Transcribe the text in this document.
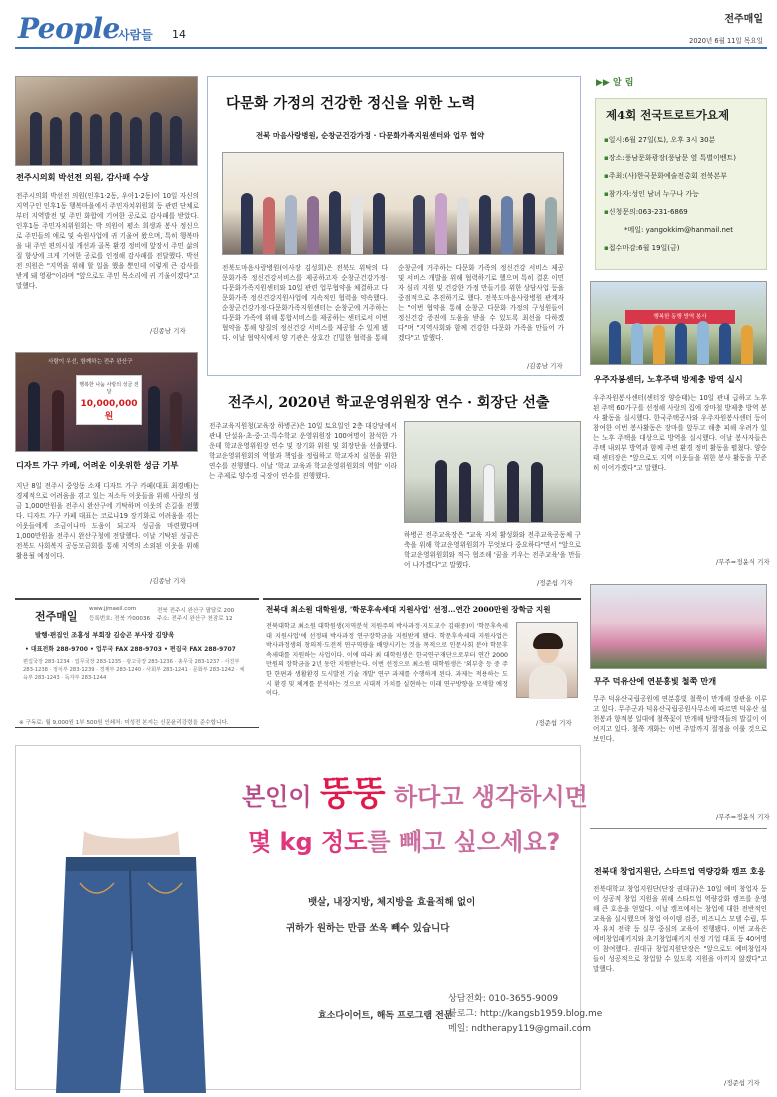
People
사람들 14
전주매일
2020년 6월 11일 목요일
전주시의회 박선전 의원, 감사패 수상
전주시의회 박선전 의원(인후1·2동, 우아1·2동)이 10일 자신의 지역구인 인후1동 행복마을에서 주민자치위원회 등 관련 단체로부터 지역발전 및 주민 화합에 기여한 공로로 감사패를 받았다. 인후1동 주민자치위원회는 박 의원이 평소 희생과 봉사 정신으로 주민들의 애로 및 숙원사업에 귀 기울여 왔으며, 특히 행복마을 내 주민 편의시설 개선과 골목 환경 정비에 앞장서 주민 삶의 질 향상에 크게 기여한 공로를 인정해 감사패를 전달했다. 박선전 의원은 "지역을 위해 할 일을 했을 뿐인데 이렇게 큰 감사를 받게 돼 영광"이라며 "앞으로도 주민 목소리에 귀 기울이겠다"고 말했다.
/김종남 기자
사람이 우선, 함께하는 전주 완산구
행복한 나눔 사랑의 성금 전달
10,000,000원
디자트 가구 카페
디자트 가구 카페, 어려운 이웃위한 성금 기부
지난 8일 전주시 중앙동 소재 디자트 가구 카페(대표 최경배)는 경제적으로 어려움을 겪고 있는 저소득 이웃들을 위해 사랑의 성금 1,000만원을 전주시 완산구에 기탁하며 이웃의 손길을 전했다. 디자트 가구 카페 대표는 코로나19 장기화로 어려움을 겪는 이웃들에게 조금이나마 도움이 되고자 성금을 마련했다며 1,000만원을 전주시 완산구청에 전달했다. 이날 기탁된 성금은 전북도 사회복지 공동모금회를 통해 지역의 소외된 이웃을 위해 활용될 예정이다.
/김종남 기자
다문화 가정의 건강한 정신을 위한 노력
전북 마음사랑병원, 순창군건강가정 · 다문화가족지원센터와 업무 협약
전북도마음사랑병원(이사장 김성희)은 전북도 위탁의 다문화가족 정신건강서비스를 제공하고자 순창군건강가정·다문화가족지원센터와 10일 관련 업무협약을 체결하고 다문화가족 정신건강지원사업에 지속적인 협력을 약속했다. 순창군건강가정·다문화가족지원센터는 순창군에 거주하는 다문화 가족에 위해 통합서비스를 제공하는 센터로서 이번 협약을 통해 양질의 정신건강 서비스를 제공할 수 있게 됐다. 이날 협약식에서 양 기관은 상호간 긴밀한 협력을 통해
순창군에 거주하는 다문화 가족의 정신건강 서비스 제공 및 서비스 개발을 위해 협력하기로 했으며 특히 결혼 이민자 심리 지원 및 건강한 가정 만들기를 위한 상담사업 등을 중점적으로 추진하기로 했다. 전북도마음사랑병원 관계자는 "이번 협약을 통해 순창군 다문화 가정의 구성원들이 정신건강 증진에 도움을 받을 수 있도록 최선을 다하겠다"며 "지역사회와 함께 건강한 다문화 가족을 만들어 가겠다"고 말했다.
/김종남 기자
전주시, 2020년 학교운영위원장 연수 · 회장단 선출
전주교육지원청(교육장 하병곤)은 10일 토요일인 2층 대강당에서 관내 단설유·초·중·고·특수학교 운영위원장 100여명이 참석한 가운데 학교운영위원장 연수 및 장기화 위원 및 회장단을 선출했다. 학교운영위원회의 역할과 책임을 정립하고 학교자치 실현을 위한 연수를 진행했다. 이날 '학교 교육과 학교운영위원회의 역할' 이라는 주제로 양수경 국장이 연수를 진행했다.
하병곤 전주교육장은 "교육 자치 활성화와 전주교육공동체 구축을 위해 학교운영위원회가 무엇보다 중요하다"면서 "앞으로 학교운영위원회와 적극 협조해 '꿈을 키우는 전주교육'을 만들어 나가겠다"고 말했다.
/정준섭 기자
전주매일
www.jjmaeil.com
등록번호: 전북 가00036
전북 전주시 완산구 팔달로 200
주소: 전주시 완산구 천잠로 12
발행·편집인 조홍성 부회장 김승곤 부사장 김양욱
• 대표전화 288-9700 • 업무국 FAX 288-9703 • 편집국 FAX 288-9707
편집국장 283-1234 · 업무국장 283-1235 · 광고국장 283-1236 · 총무국 283-1237 · 사진부 283-1238 · 정치부 283-1239 · 경제부 283-1240 · 사회부 283-1241 · 문화부 283-1242 · 체육부 283-1243 · 독자부 283-1244
※ 구독료: 월 9,000원 1부 500원 인쇄처: 미성전 본지는 신문윤리강령을 준수합니다.
전북대 최소원 대학원생, '학문후속세대 지원사업' 선정…연간 2000만원 장학금 지원
전북대학교 최소원 대학원생(지역분석 지원주의 박사과정·지도교수 김태중)이 '학문후속세대 지원사업'에 선정돼 박사과정 연구장학금을 지원받게 됐다. 학문후속세대 지원사업은 박사과정생의 창의적·도전적 연구역량을 배양시키는 것을 목적으로 인문사회 분야 학문후속세대를 지원하는 사업이다. 이에 따라 최 대학원생은 한국연구재단으로부터 연간 2000만원의 장학금을 2년 동안 지원받는다. 이번 선정으로 최소원 대학원생은 '외부충 등 중 주한 한편과 생활환경 도시발전 기술 개발' 연구 과제를 수행하게 된다. 과제는 적용하는 도시 환경 및 체계를 분석하는 것으로 시대적 가치를 실현하는 미래 연구방향을 모색할 예정이다.
/정준섭 기자
본인이 뚱뚱 하다고 생각하시면
몇 kg 정도를 빼고 싶으세요?
뱃살, 내장지방, 체지방을 효율적해 없이
귀하가 원하는 만큼 쏘옥 빼수 있습니다
효소다이어트, 해독 프로그램 전문
상담전화: 010-3655-9009
블로그: http://kangsb1959.blog.me
메일: ndtherapy119@gmail.com
▶▶ 알 림
제4회 전국트로트가요제
▪일시:6월 27일(토), 오후 3시 30분
▪장소:풍남문화광장(풍남문 옆 특별이벤트)
▪주최:(사)한국문화예술전총회 전북본부
▪참가자:성인 남녀 누구나 가능
▪신청문의:063-231-6869
*메일: yangokkim@hanmail.net
▪접수마감:6월 19일(금)
행복한 동행 방역 봉사
우주자봉센터, 노후주택 방제충 방역 실시
우주자원봉사센터(센터장 양승태)는 10일 관내 급하고 노후 된 주택 60가구를 선정해 사랑의 집에 장마철 방제충 방역 봉사 활동을 실시했다. 한국주택공사와 우주자원봉사센터 등이 참여한 이번 봉사활동은 장마를 앞두고 해충 피해 우려가 있는 노후 주택을 대상으로 방역을 실시했다. 이날 봉사자들은 주택 내외부 방역과 함께 주변 환경 정비 활동을 펼쳤다. 양승태 센터장은 "앞으로도 지역 이웃들을 위한 봉사 활동을 꾸준히 이어가겠다"고 말했다.
/무주=정윤식 기자
무주 덕유산에 연분홍빛 철쭉 만개
무주 덕유산국립공원에 연분홍빛 철쭉이 만개해 장관을 이루고 있다. 무주군과 덕유산국립공원사무소에 따르면 덕유산 설천봉과 향적봉 일대에 철쭉꽃이 만개해 탐방객들의 발길이 이어지고 있다. 철쭉 개화는 이번 주말까지 절정을 이룰 것으로 보인다.
/무주=정윤식 기자
전북대 창업지원단, 스타트업 역량강화 캠프 호응
전북대학교 창업지원단(단장 권대규)은 10일 예비 창업자 등이 성공적 창업 지원을 위해 스타트업 역량강화 캠프를 운영해 큰 호응을 얻었다. 이날 캠프에서는 창업에 대한 전반적인 교육을 실시했으며 창업 아이템 검증, 비즈니스 모델 수립, 투자 유치 전략 등 실무 중심의 교육이 진행됐다. 이번 교육은 예비창업패키지와 초기창업패키지 선정 기업 대표 등 40여명이 참여했다. 권대규 창업지원단장은 "앞으로도 예비창업자들이 성공적으로 창업할 수 있도록 지원을 아끼지 않겠다"고 말했다.
/정준섭 기자
